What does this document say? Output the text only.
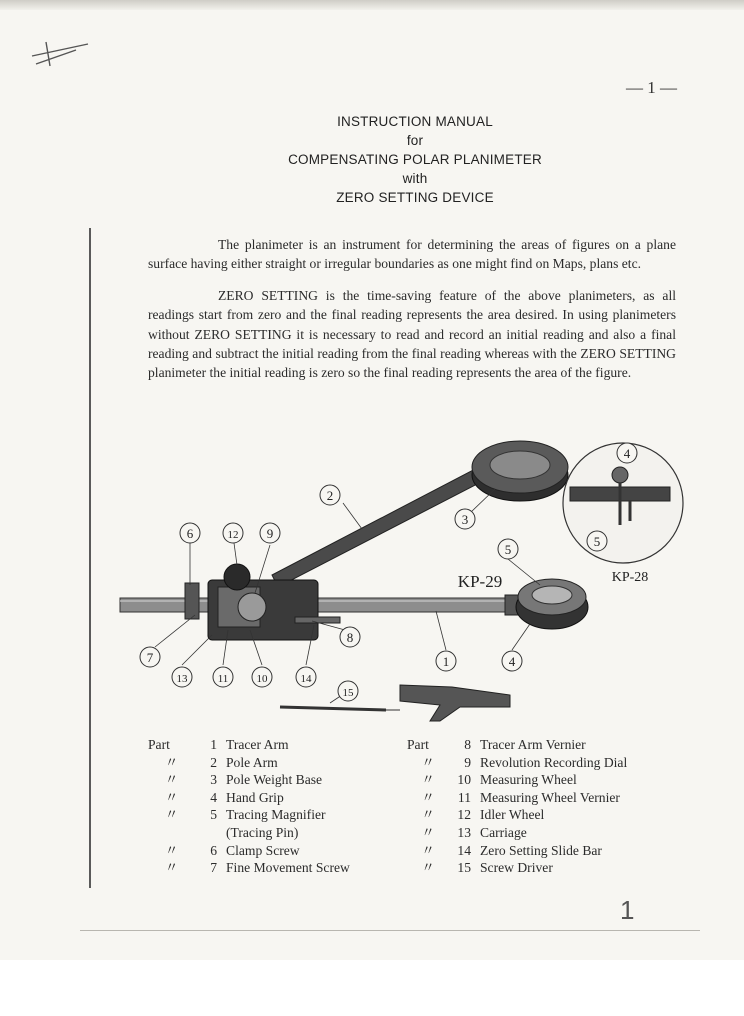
— 1 —
INSTRUCTION MANUAL
for
COMPENSATING POLAR PLANIMETER
with
ZERO SETTING DEVICE

The planimeter is an instrument for determining the areas of figures on a plane surface having either straight or irregular boundaries as one might find on Maps, plans etc.

ZERO SETTING is the time-saving feature of the above planimeters, as all readings start from zero and the final reading represents the area desired. In using planimeters without ZERO SETTING it is necessary to read and record an initial reading and also a final reading and subtract the initial reading from the final reading whereas with the ZERO SETTING planimeter the initial reading is zero so the final reading represents the area of the figure.

1
2
3
4
5
6
7
8
9
10
11
12
13	14
15
4
5
KP-29	KP-28
Part	1 Tracer Arm
〃	2 Pole Arm
〃	3 Pole Weight Base
〃	4 Hand Grip
〃	5 Tracing Magnifier
(Tracing Pin)
〃	6 Clamp Screw
〃	7 Fine Movement Screw
Part	8 Tracer Arm Vernier
〃	9 Revolution Recording Dial
〃	10 Measuring Wheel
〃	11 Measuring Wheel Vernier
〃	12 Idler Wheel
〃	13 Carriage
〃	14 Zero Setting Slide Bar
〃	15 Screw Driver
1
